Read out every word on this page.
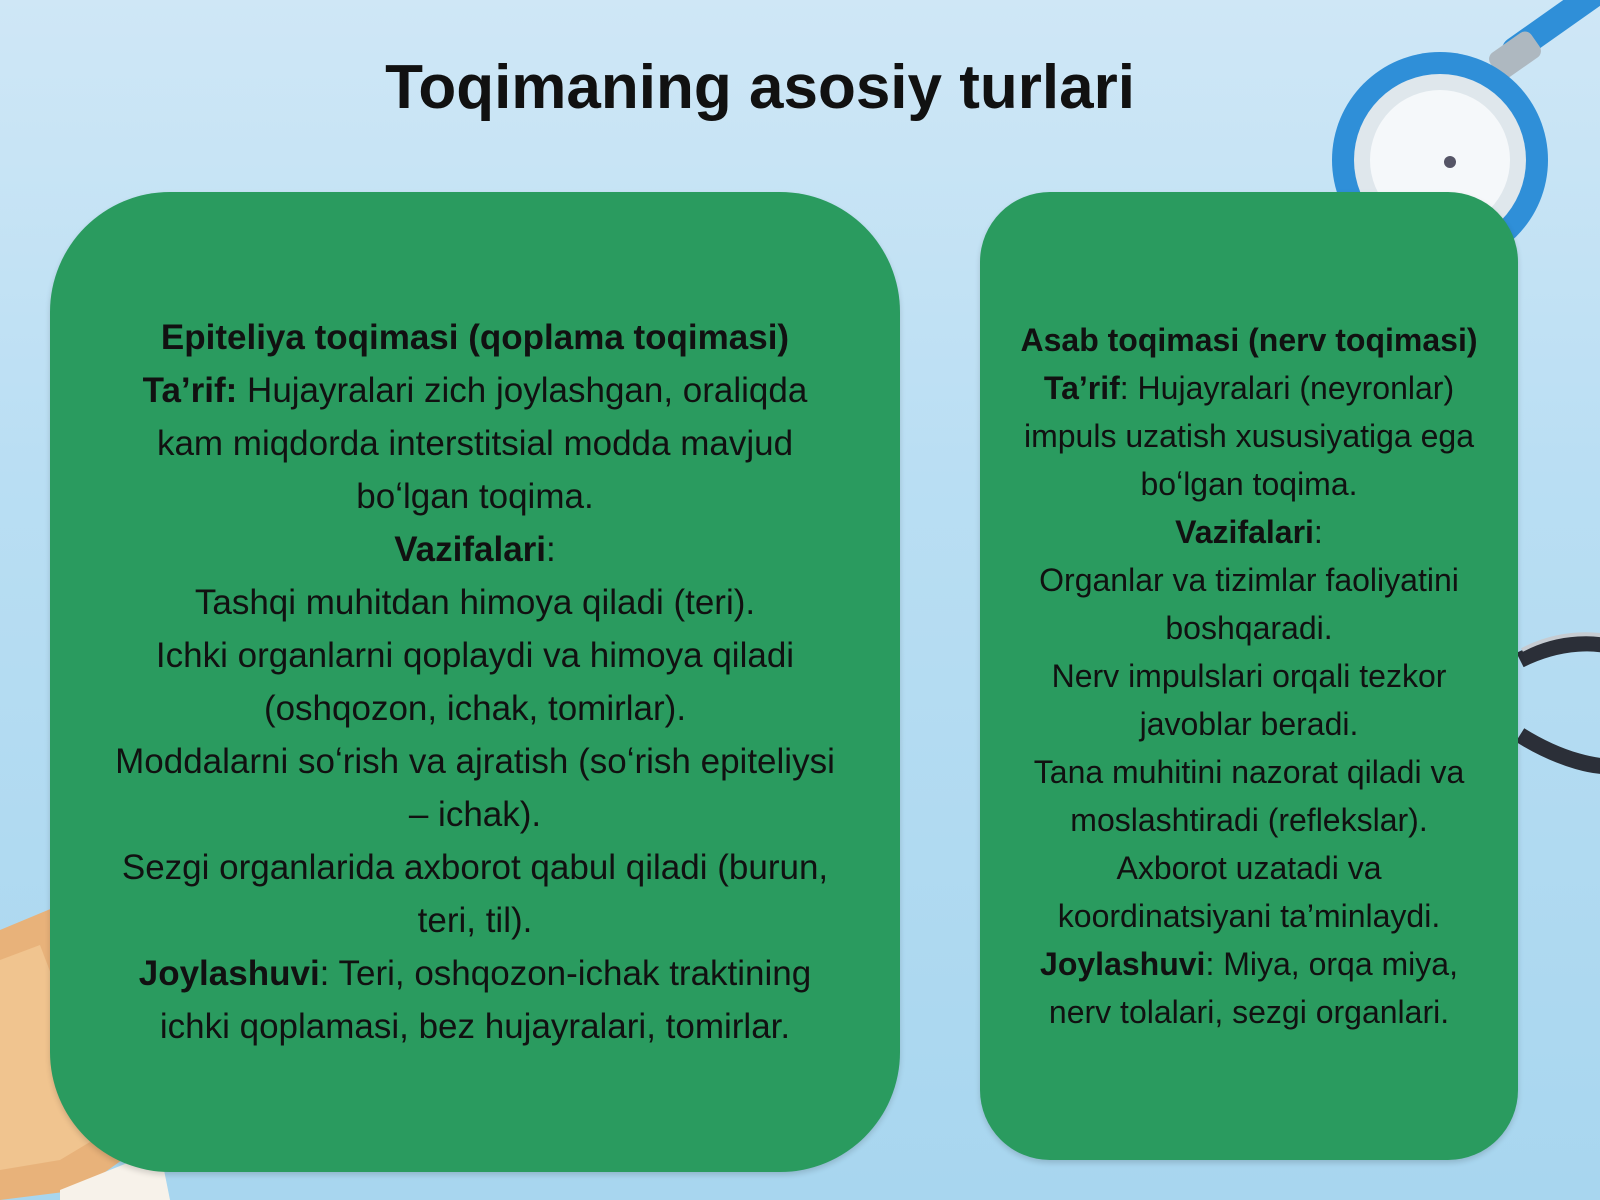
Toqimaning asosiy turlari

Epiteliya toqimasi (qoplama toqimasi)

Ta’rif: Hujayralari zich joylashgan, oraliqda kam miqdorda interstitsial modda mavjud boʻlgan toqima.

Vazifalari:

Tashqi muhitdan himoya qiladi (teri).

Ichki organlarni qoplaydi va himoya qiladi (oshqozon, ichak, tomirlar).

Moddalarni soʻrish va ajratish (soʻrish epiteliysi – ichak).

Sezgi organlarida axborot qabul qiladi (burun, teri, til).

Joylashuvi: Teri, oshqozon-ichak traktining ichki qoplamasi, bez hujayralari, tomirlar.

Asab toqimasi (nerv toqimasi)

Ta’rif: Hujayralari (neyronlar) impuls uzatish xususiyatiga ega boʻlgan toqima.

Vazifalari:

Organlar va tizimlar faoliyatini boshqaradi.

Nerv impulslari orqali tezkor javoblar beradi.

Tana muhitini nazorat qiladi va moslashtiradi (reflekslar).

Axborot uzatadi va koordinatsiyani ta’minlaydi.

Joylashuvi: Miya, orqa miya, nerv tolalari, sezgi organlari.
